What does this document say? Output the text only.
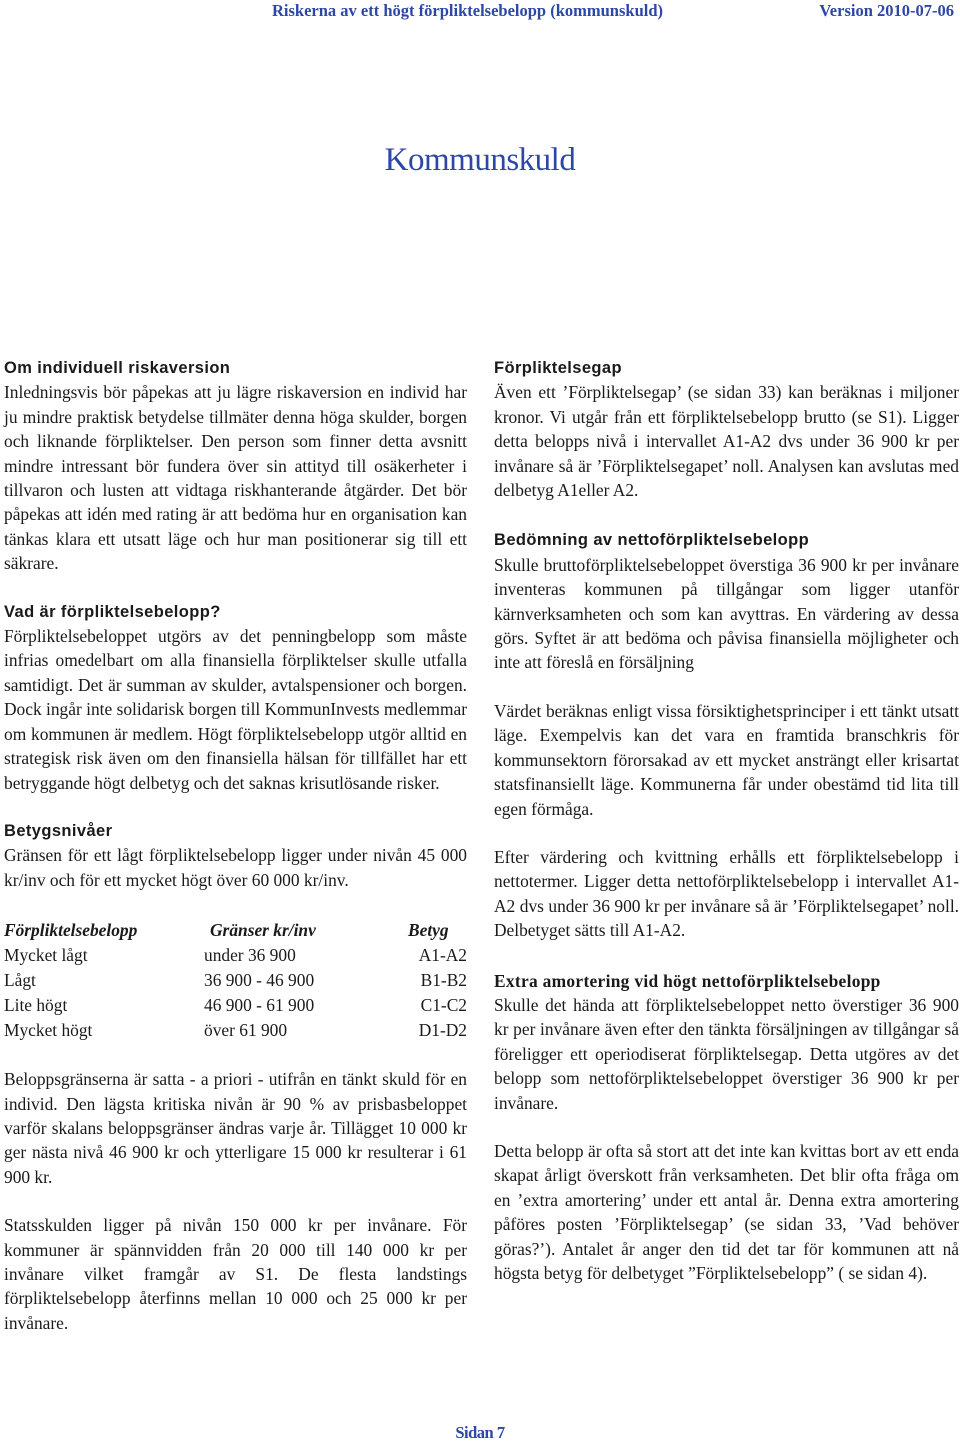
Riskerna av ett högt förpliktelsebelopp (kommunskuld)	Version 2010-07-06
Kommunskuld
Om individuell riskaversion

Inledningsvis bör påpekas att ju lägre riskaversion en individ har ju mindre praktisk betydelse tillmäter denna höga skulder, borgen och liknande förpliktelser. Den person som finner detta avsnitt mindre intressant bör fundera över sin attityd till osäkerheter i tillvaron och lusten att vidtaga riskhanterande åtgärder. Det bör påpekas att idén med rating är att bedöma hur en organisation kan tänkas klara ett utsatt läge och hur man positionerar sig till ett säkrare.

Vad är förpliktelsebelopp?

Förpliktelsebeloppet utgörs av det penningbelopp som måste infrias omedelbart om alla finansiella förpliktelser skulle utfalla samtidigt. Det är summan av skulder, avtalspensioner och borgen. Dock ingår inte solidarisk borgen till KommunInvests medlemmar om kommunen är medlem. Högt förpliktelsebelopp utgör alltid en strategisk risk även om den finansiella hälsan för tillfället har ett betryggande högt delbetyg och det saknas krisutlösande risker.

Betygsnivåer

Gränsen för ett lågt förpliktelsebelopp ligger under nivån 45 000 kr/inv och för ett mycket högt över 60 000 kr/inv.

Förpliktelsebelopp	Gränser kr/inv	Betyg
Mycket lågt	under 36 900	A1-A2
Lågt	36 900 - 46 900	B1-B2
Lite högt	46 900 - 61 900	C1-C2
Mycket högt	över 61 900	D1-D2

Beloppsgränserna är satta - a priori - utifrån en tänkt skuld för en individ. Den lägsta kritiska nivån är 90 % av prisbasbeloppet varför skalans beloppsgränser ändras varje år. Tillägget 10 000 kr ger nästa nivå 46 900 kr och ytterligare 15 000 kr resulterar i 61 900 kr.

Statsskulden ligger på nivån 150 000 kr per invånare. För kommuner är spännvidden från 20 000 till 140 000 kr per invånare vilket framgår av S1. De flesta landstings förpliktelsebelopp återfinns mellan 10 000 och 25 000 kr per invånare.

Förpliktelsegap

Även ett ’Förpliktelsegap’ (se sidan 33) kan beräknas i miljoner kronor. Vi utgår från ett förpliktelsebelopp brutto (se S1). Ligger detta belopps nivå i intervallet A1-A2 dvs under 36 900 kr per invånare så är ’Förpliktelsegapet’ noll. Analysen kan avslutas med delbetyg A1eller A2.

Bedömning av nettoförpliktelsebelopp

Skulle bruttoförpliktelsebeloppet överstiga 36 900 kr per invånare inventeras kommunen på tillgångar som ligger utanför kärnverksamheten och som kan avyttras. En värdering av dessa görs. Syftet är att bedöma och påvisa finansiella möjligheter och inte att föreslå en försäljning

Värdet beräknas enligt vissa försiktighetsprinciper i ett tänkt utsatt läge. Exempelvis kan det vara en framtida branschkris för kommunsektorn förorsakad av ett mycket ansträngt eller krisartat statsfinansiellt läge. Kommunerna får under obestämd tid lita till egen förmåga.

Efter värdering och kvittning erhålls ett förpliktelsebelopp i nettotermer. Ligger detta nettoförpliktelsebelopp i intervallet A1-A2 dvs under 36 900 kr per invånare så är ’Förpliktelsegapet’ noll. Delbetyget sätts till A1-A2.

Extra amortering vid högt nettoförpliktelsebelopp

Skulle det hända att förpliktelsebeloppet netto överstiger 36 900 kr per invånare även efter den tänkta försäljningen av tillgångar så föreligger ett operiodiserat förpliktelsegap. Detta utgöres av det belopp som nettoförpliktelsebeloppet överstiger 36 900 kr per invånare.

Detta belopp är ofta så stort att det inte kan kvittas bort av ett enda skapat årligt överskott från verksamheten. Det blir ofta fråga om en ’extra amortering’ under ett antal år. Denna extra amortering påföres posten ’Förpliktelsegap’ (se sidan 33, ’Vad behöver göras?’). Antalet år anger den tid det tar för kommunen att nå högsta betyg för delbetyget ”Förpliktelsebelopp” ( se sidan 4).

Sidan 7
